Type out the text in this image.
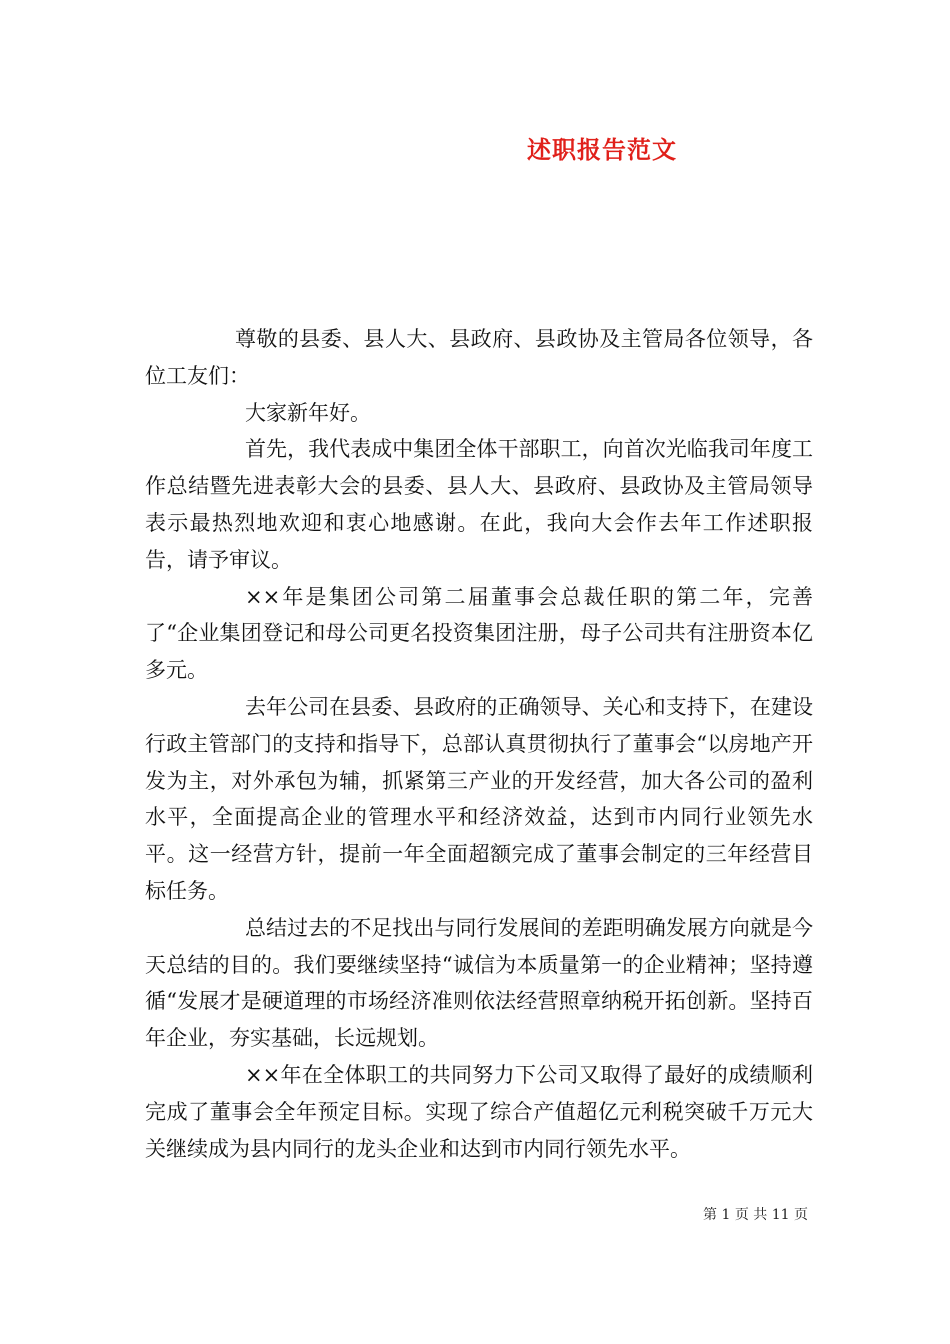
述职报告范文

尊敬的县委、县人大、县政府、县政协及主管局各位领导，各位工友们：

大家新年好。

首先，我代表成中集团全体干部职工，向首次光临我司年度工作总结暨先进表彰大会的县委、县人大、县政府、县政协及主管局领导表示最热烈地欢迎和衷心地感谢。在此，我向大会作去年工作述职报告，请予审议。

××年是集团公司第二届董事会总裁任职的第二年，完善了“企业集团登记和母公司更名投资集团注册，母子公司共有注册资本亿多元。

去年公司在县委、县政府的正确领导、关心和支持下，在建设行政主管部门的支持和指导下，总部认真贯彻执行了董事会“以房地产开发为主，对外承包为辅，抓紧第三产业的开发经营，加大各公司的盈利水平，全面提高企业的管理水平和经济效益，达到市内同行业领先水平。这一经营方针，提前一年全面超额完成了董事会制定的三年经营目标任务。

总结过去的不足找出与同行发展间的差距明确发展方向就是今天总结的目的。我们要继续坚持“诚信为本质量第一的企业精神；坚持遵循“发展才是硬道理的市场经济准则依法经营照章纳税开拓创新。坚持百年企业，夯实基础，长远规划。

××年在全体职工的共同努力下公司又取得了最好的成绩顺利完成了董事会全年预定目标。实现了综合产值超亿元利税突破千万元大关继续成为县内同行的龙头企业和达到市内同行领先水平。

第 1 页 共 11 页
